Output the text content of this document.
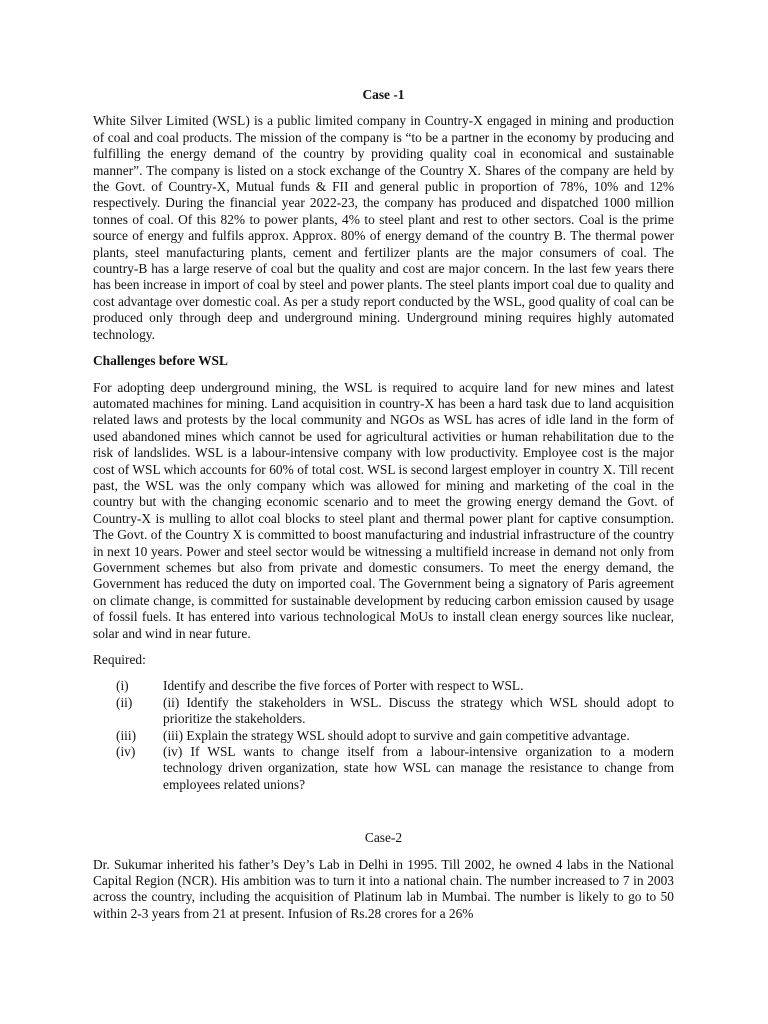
Case -1

White Silver Limited (WSL) is a public limited company in Country-X engaged in mining and production of coal and coal products. The mission of the company is “to be a partner in the economy by producing and fulfilling the energy demand of the country by providing quality coal in economical and sustainable manner”. The company is listed on a stock exchange of the Country X. Shares of the company are held by the Govt. of Country-X, Mutual funds & FII and general public in proportion of 78%, 10% and 12% respectively. During the financial year 2022-23, the company has produced and dispatched 1000 million tonnes of coal. Of this 82% to power plants, 4% to steel plant and rest to other sectors. Coal is the prime source of energy and fulfils approx. Approx. 80% of energy demand of the country B. The thermal power plants, steel manufacturing plants, cement and fertilizer plants are the major consumers of coal. The country-B has a large reserve of coal but the quality and cost are major concern. In the last few years there has been increase in import of coal by steel and power plants. The steel plants import coal due to quality and cost advantage over domestic coal. As per a study report conducted by the WSL, good quality of coal can be produced only through deep and underground mining. Underground mining requires highly automated technology.

Challenges before WSL

For adopting deep underground mining, the WSL is required to acquire land for new mines and latest automated machines for mining. Land acquisition in country-X has been a hard task due to land acquisition related laws and protests by the local community and NGOs as WSL has acres of idle land in the form of used abandoned mines which cannot be used for agricultural activities or human rehabilitation due to the risk of landslides. WSL is a labour-intensive company with low productivity. Employee cost is the major cost of WSL which accounts for 60% of total cost. WSL is second largest employer in country X. Till recent past, the WSL was the only company which was allowed for mining and marketing of the coal in the country but with the changing economic scenario and to meet the growing energy demand the Govt. of Country-X is mulling to allot coal blocks to steel plant and thermal power plant for captive consumption. The Govt. of the Country X is committed to boost manufacturing and industrial infrastructure of the country in next 10 years. Power and steel sector would be witnessing a multifield increase in demand not only from Government schemes but also from private and domestic consumers. To meet the energy demand, the Government has reduced the duty on imported coal. The Government being a signatory of Paris agreement on climate change, is committed for sustainable development by reducing carbon emission caused by usage of fossil fuels. It has entered into various technological MoUs to install clean energy sources like nuclear, solar and wind in near future.

Required:
(i)	Identify and describe the five forces of Porter with respect to WSL.
(ii)	(ii) Identify the stakeholders in WSL. Discuss the strategy which WSL should adopt to prioritize the stakeholders.
(iii)	(iii) Explain the strategy WSL should adopt to survive and gain competitive advantage.
(iv)	(iv) If WSL wants to change itself from a labour-intensive organization to a modern technology driven organization, state how WSL can manage the resistance to change from employees related unions?
Case-2

Dr. Sukumar inherited his father’s Dey’s Lab in Delhi in 1995. Till 2002, he owned 4 labs in the National Capital Region (NCR). His ambition was to turn it into a national chain. The number increased to 7 in 2003 across the country, including the acquisition of Platinum lab in Mumbai. The number is likely to go to 50 within 2-3 years from 21 at present. Infusion of Rs.28 crores for a 26%
